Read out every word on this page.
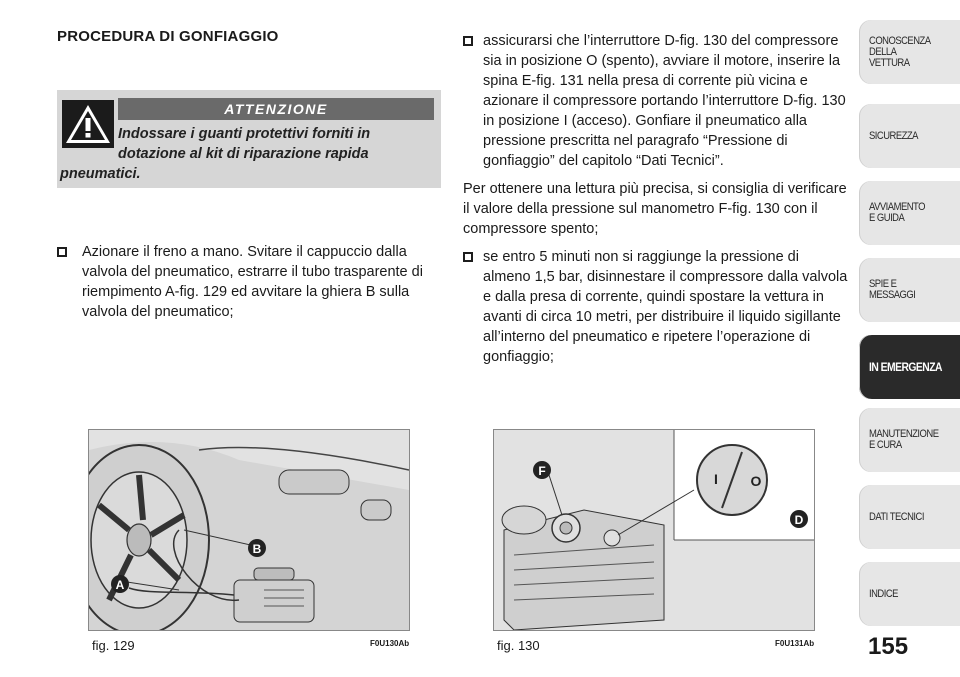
PROCEDURA DI GONFIAGGIO
ATTENZIONE
Indossare i guanti protettivi forniti in
dotazione al kit di riparazione rapida
pneumatici.
Azionare il freno a mano. Svitare il cappuccio dalla valvola del pneumatico, estrarre il tubo trasparente di riempimento A-fig. 129 ed avvitare la ghiera B sulla valvola del pneumatico;
assicurarsi che l’interruttore D-fig. 130 del compressore sia in posizione O (spento), avviare il motore, inserire la spina E-fig. 131 nella presa di corrente più vicina e azionare il compressore portando l’interruttore D-fig. 130 in posizione I (acceso). Gonfiare il pneumatico alla pressione prescritta nel paragrafo “Pressione di gonfiaggio” del capitolo “Dati Tecnici”.

Per ottenere una lettura più precisa, si consiglia di verificare il valore della pressione sul manometro F-fig. 130 con il compressore spento;

se entro 5 minuti non si raggiunge la pressione di almeno 1,5 bar, disinnestare il compressore dalla valvola e dalla presa di corrente, quindi spostare la vettura in avanti di circa 10 metri, per distribuire il liquido sigillante all’interno del pneumatico e ripetere l’operazione di gonfiaggio;
B
A
fig. 129	F0U130Ab
I O
F
D
fig. 130	F0U131Ab
CONOSCENZA
DELLA
VETTURA
SICUREZZA
AVVIAMENTO
E GUIDA
SPIE E
MESSAGGI
IN EMERGENZA
MANUTENZIONE
E CURA
DATI TECNICI
INDICE
155
